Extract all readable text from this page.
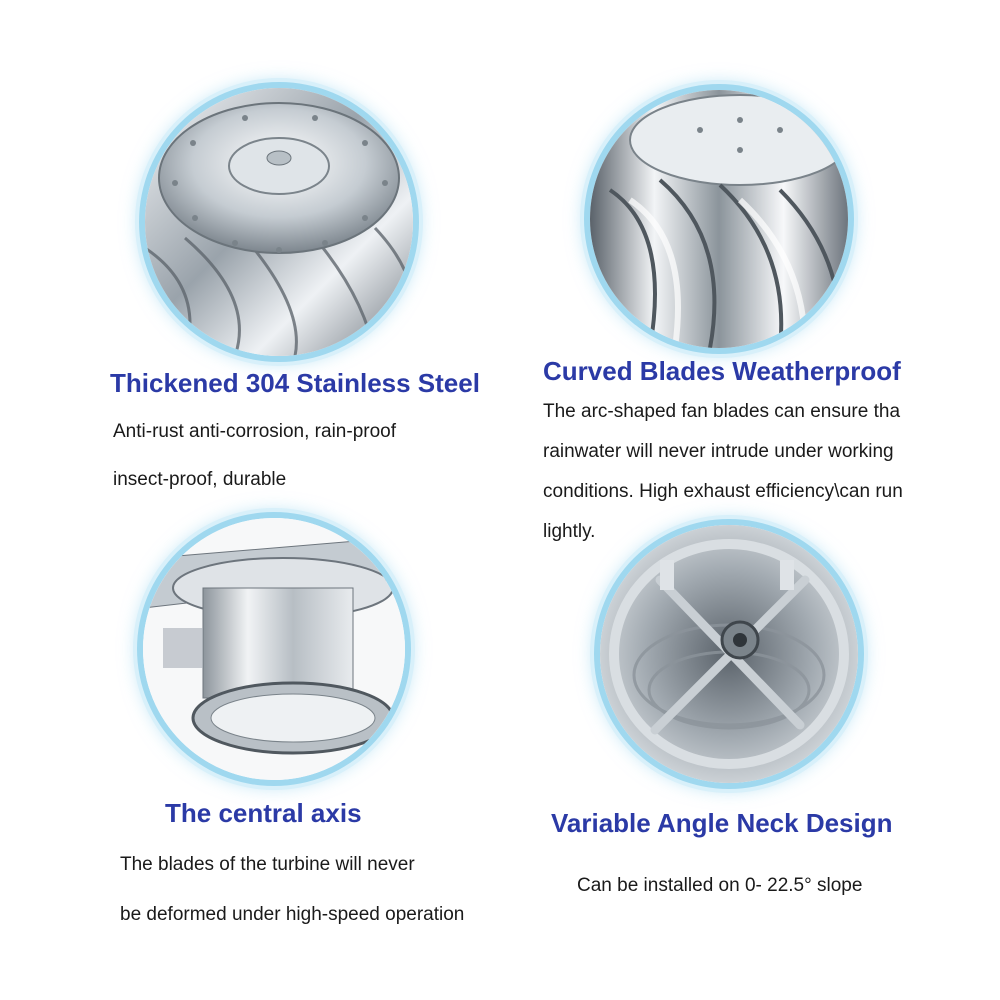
Thickened 304 Stainless Steel
Anti-rust anti-corrosion, rain-proof
insect-proof, durable
Curved Blades Weatherproof
The arc-shaped fan blades can ensure tha
rainwater will never intrude under working
conditions. High exhaust efficiency\can run
lightly.
The central axis
The blades of the turbine will never
be deformed under high-speed operation
Variable Angle Neck Design
Can be installed on 0- 22.5° slope
